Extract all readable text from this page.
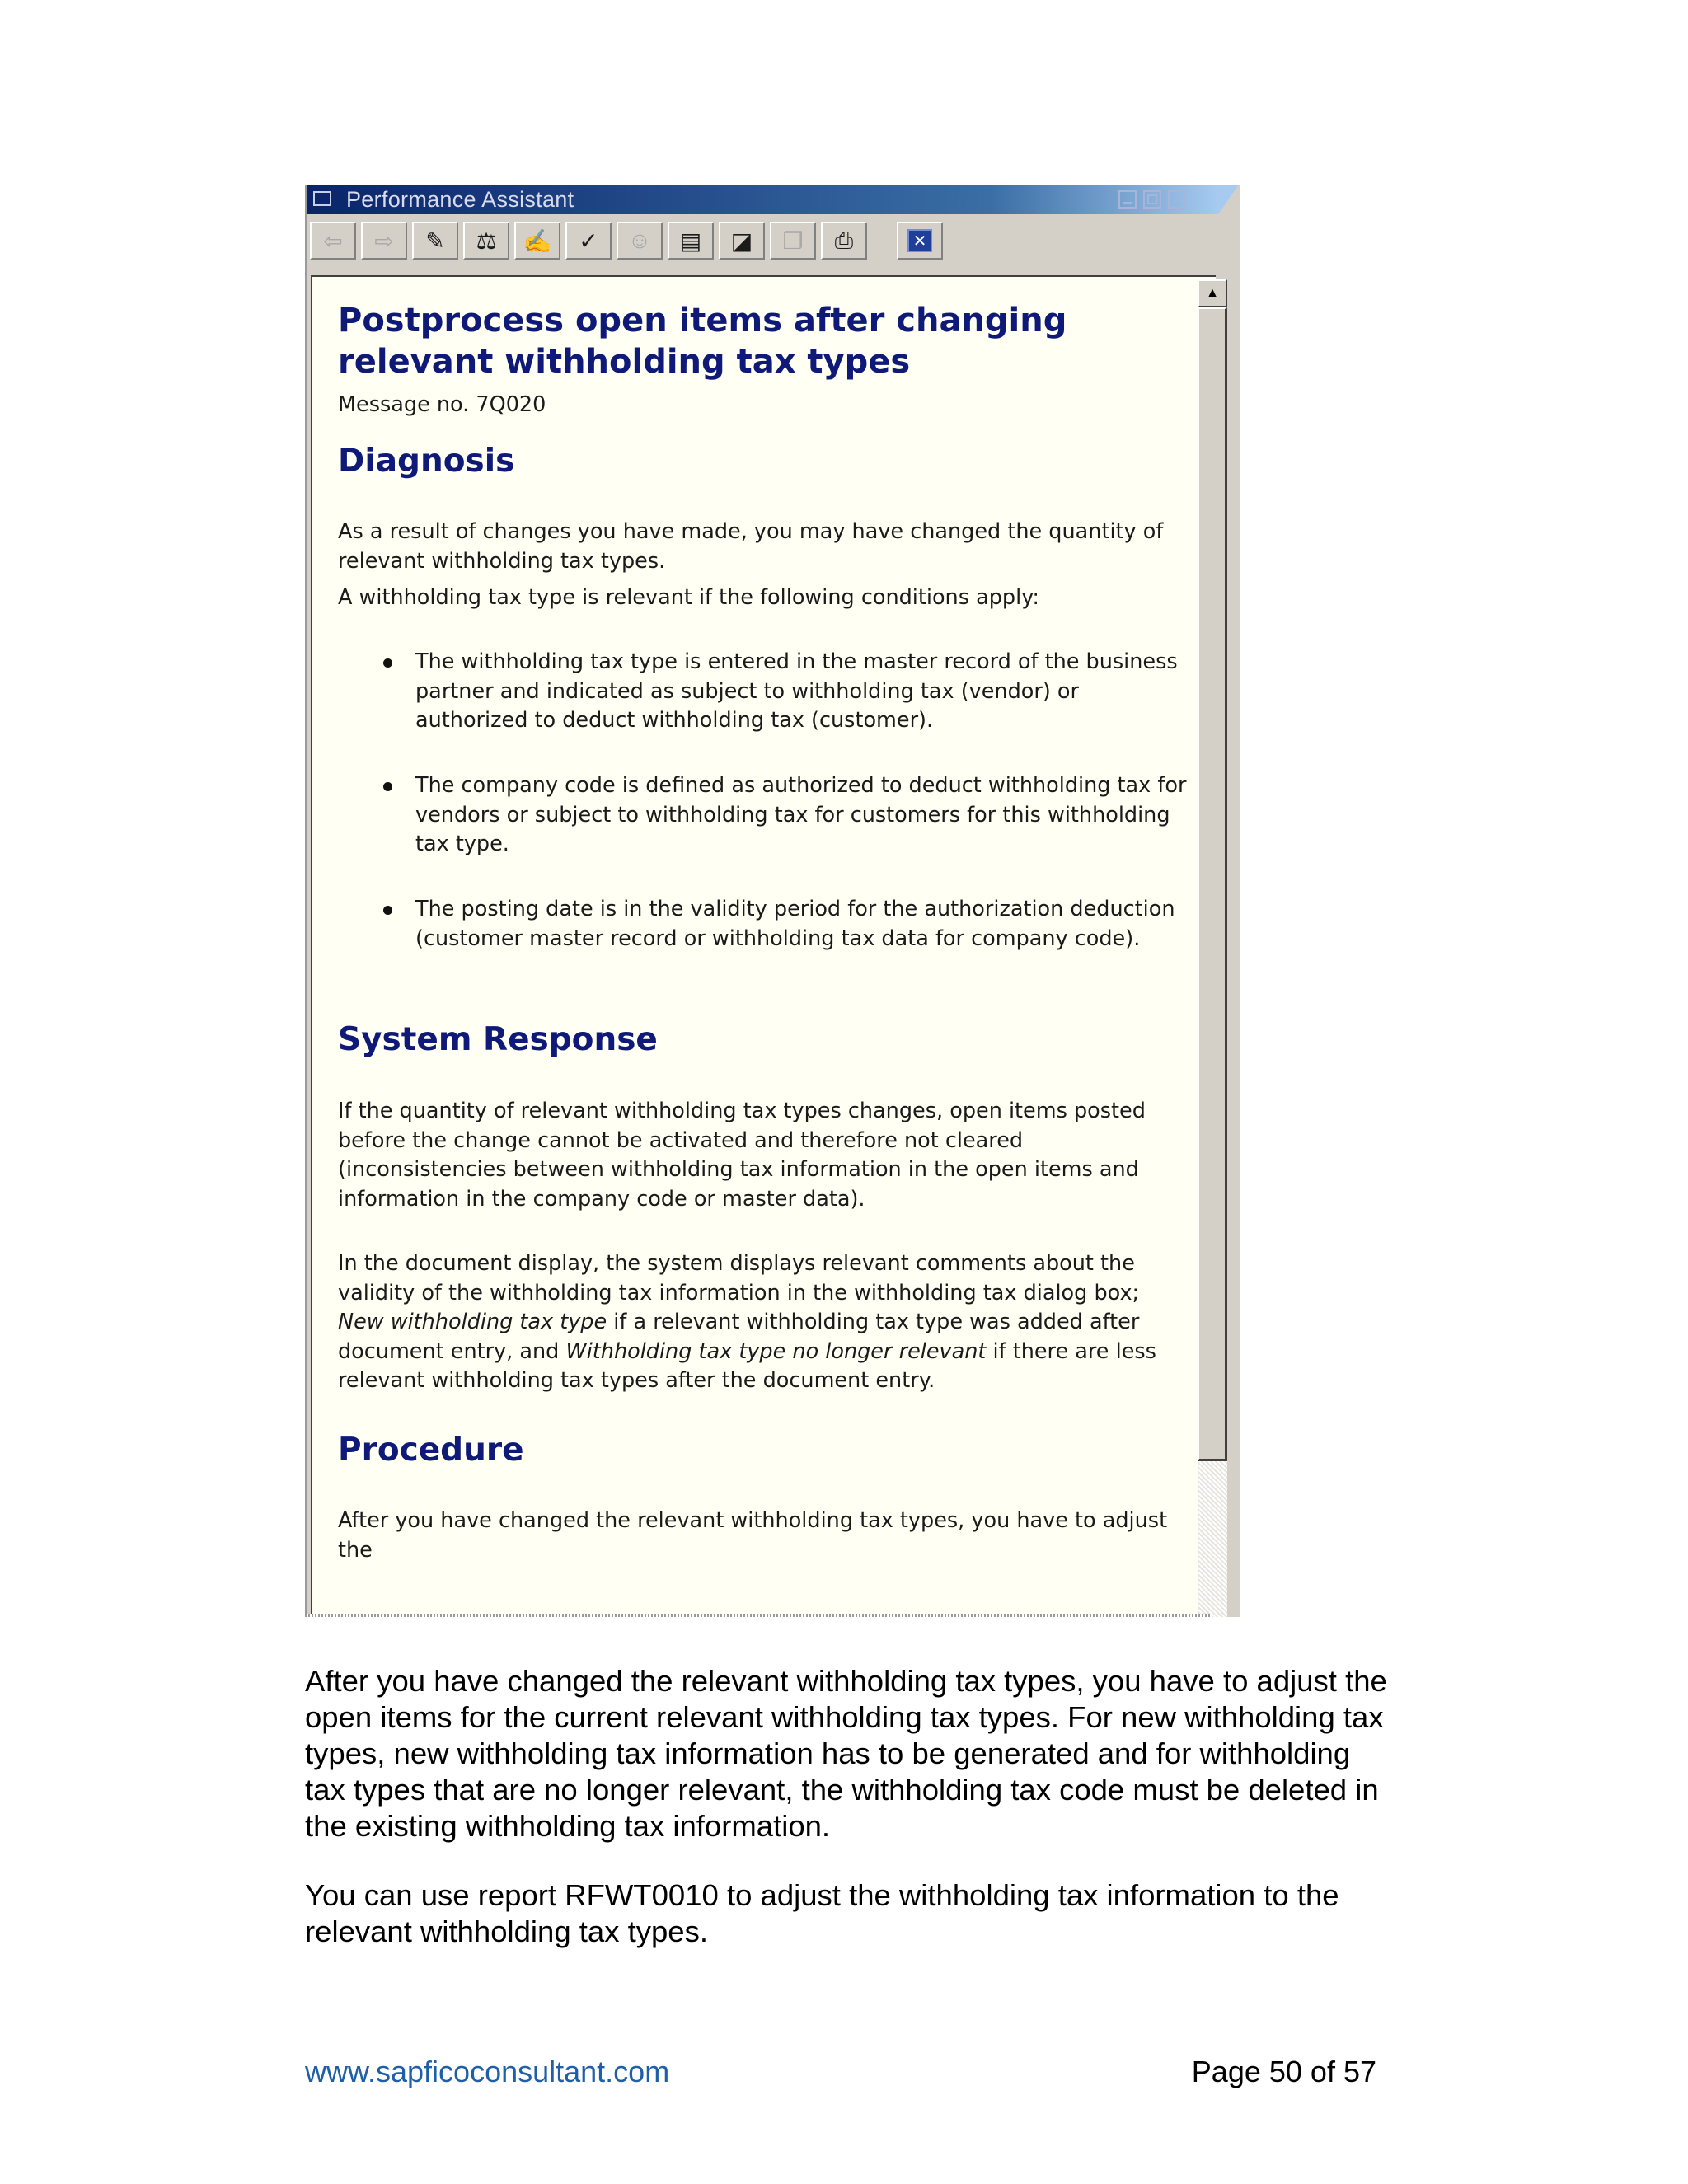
Performance Assistant	×
✕
⇦ ⇨ ✎ ⚖ ✍ ✓ ☺ ▤ ◪ ❐ ⎙
Postprocess open items after changing relevant withholding tax types

Message no. 7Q020

Diagnosis

As a result of changes you have made, you may have changed the quantity of relevant withholding tax types.

A withholding tax type is relevant if the following conditions apply:

The withholding tax type is entered in the master record of the business partner and indicated as subject to withholding tax (vendor) or authorized to deduct withholding tax (customer).

The company code is defined as authorized to deduct withholding tax for vendors or subject to withholding tax for customers for this withholding tax type.

The posting date is in the validity period for the authorization deduction (customer master record or withholding tax data for company code).

System Response

If the quantity of relevant withholding tax types changes, open items posted before the change cannot be activated and therefore not cleared (inconsistencies between withholding tax information in the open items and information in the company code or master data).

In the document display, the system displays relevant comments about the validity of the withholding tax information in the withholding tax dialog box; New withholding tax type if a relevant withholding tax type was added after document entry, and Withholding tax type no longer relevant if there are less relevant withholding tax types after the document entry.

Procedure

After you have changed the relevant withholding tax types, you have to adjust the

▲

After you have changed the relevant withholding tax types, you have to adjust the open items for the current relevant withholding tax types. For new withholding tax types, new withholding tax information has to be generated and for withholding tax types that are no longer relevant, the withholding tax code must be deleted in the existing withholding tax information.

You can use report RFWT0010 to adjust the withholding tax information to the relevant withholding tax types.

www.sapficoconsultant.com	Page 50 of 57
